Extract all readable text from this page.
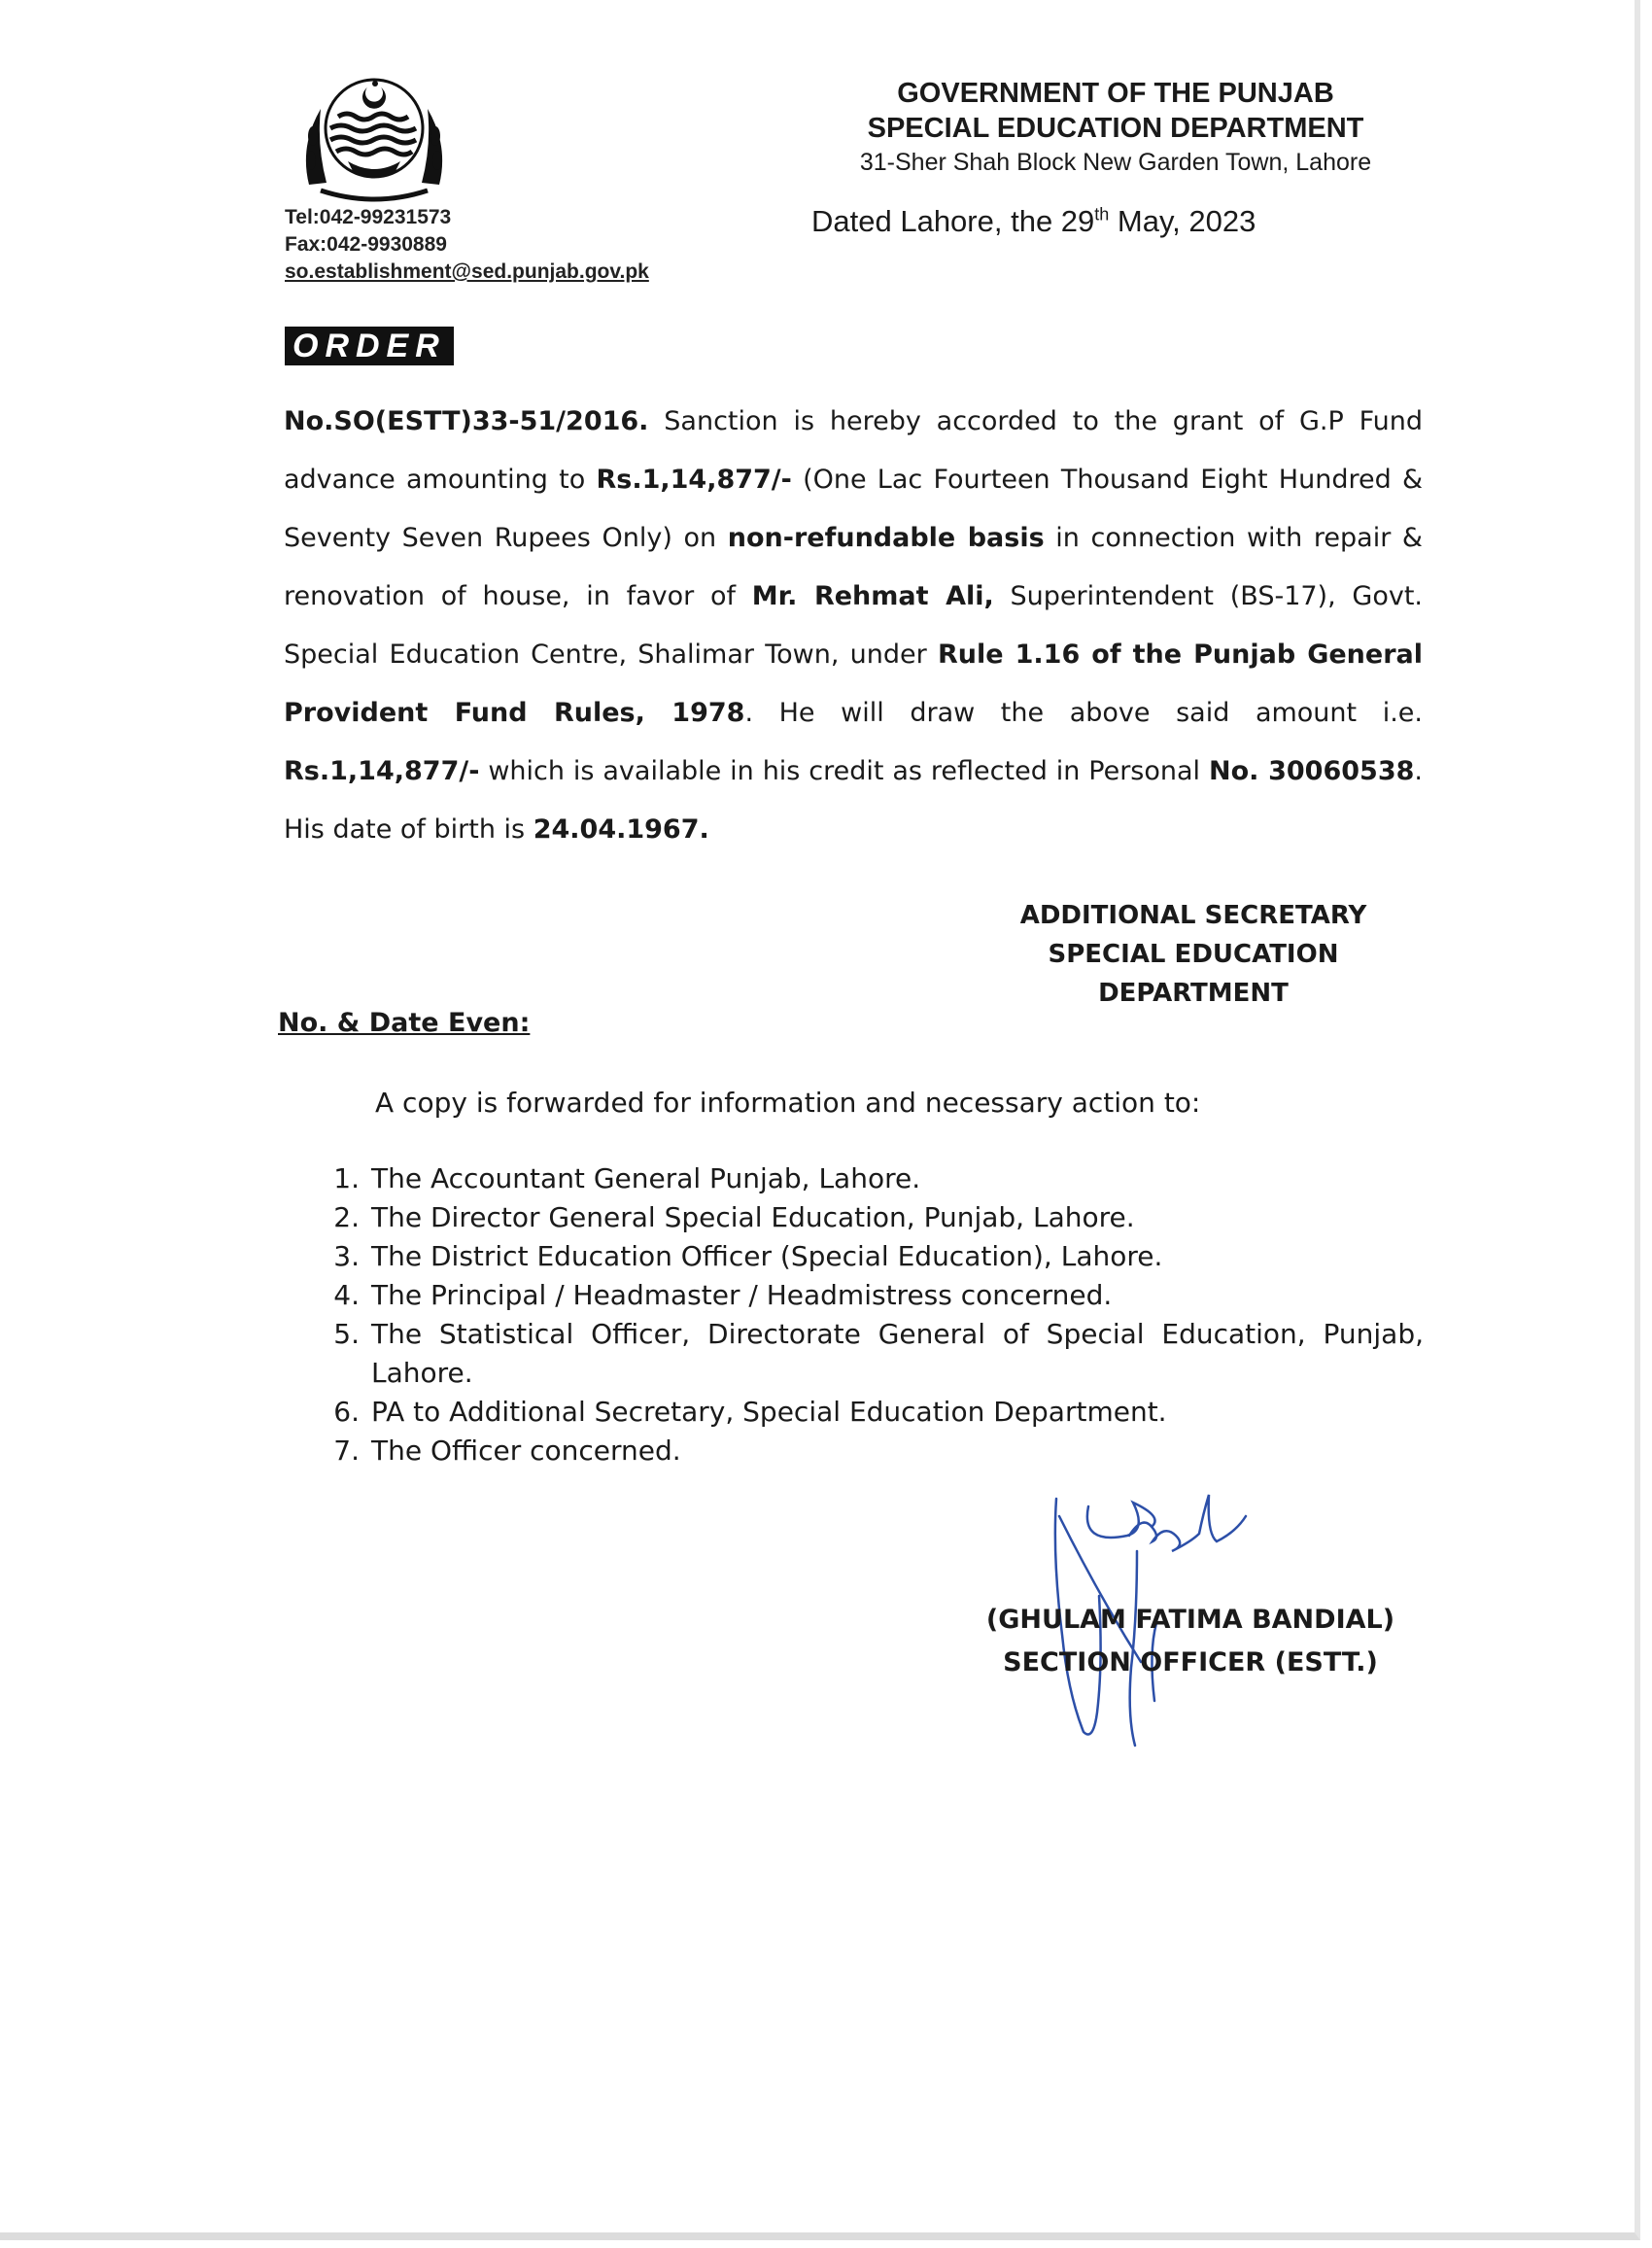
Tel:042-99231573
Fax:042-9930889
so.establishment@sed.punjab.gov.pk
GOVERNMENT OF THE PUNJAB
SPECIAL EDUCATION DEPARTMENT
31-Sher Shah Block New Garden Town, Lahore
Dated Lahore, the 29th May, 2023
ORDER
No.SO(ESTT)33-51/2016. Sanction is hereby accorded to the grant of G.P Fund advance amounting to Rs.1,14,877/- (One Lac Fourteen Thousand Eight Hundred & Seventy Seven Rupees Only) on non-refundable basis in connection with repair & renovation of house, in favor of Mr. Rehmat Ali, Superintendent (BS-17), Govt. Special Education Centre, Shalimar Town, under Rule 1.16 of the Punjab General Provident Fund Rules, 1978. He will draw the above said amount i.e. Rs.1,14,877/- which is available in his credit as reflected in Personal No. 30060538. His date of birth is 24.04.1967.
ADDITIONAL SECRETARY
SPECIAL EDUCATION
DEPARTMENT
No. & Date Even:
A copy is forwarded for information and necessary action to:
1. The Accountant General Punjab, Lahore.
2. The Director General Special Education, Punjab, Lahore.
3. The District Education Officer (Special Education), Lahore.
4. The Principal / Headmaster / Headmistress concerned.
5. The Statistical Officer, Directorate General of Special Education, Punjab, Lahore.
6. PA to Additional Secretary, Special Education Department.
7. The Officer concerned.
(GHULAM FATIMA BANDIAL)
SECTION OFFICER (ESTT.)
